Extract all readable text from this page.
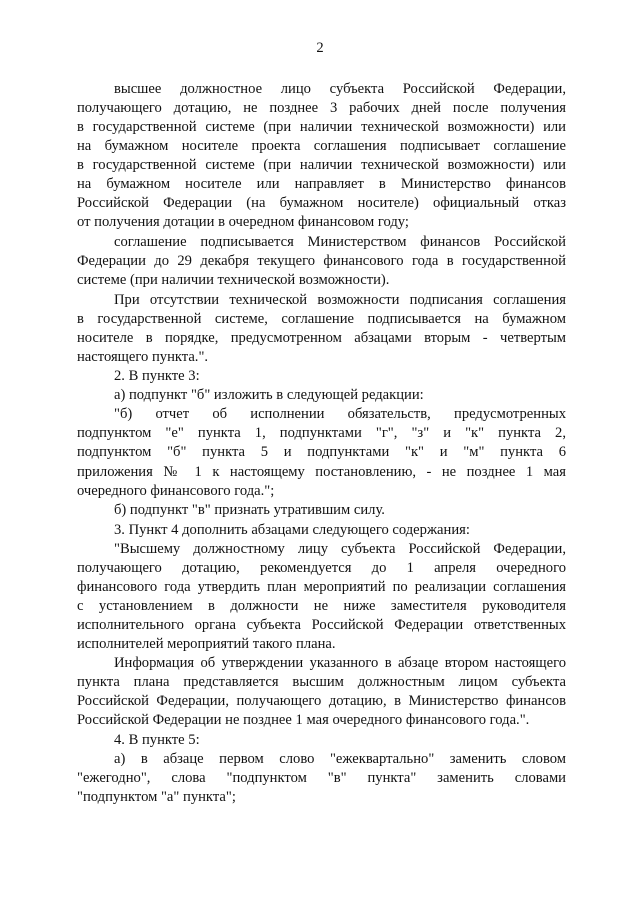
2
высшее должностное лицо субъекта Российской Федерации,
получающего дотацию, не позднее 3 рабочих дней после получения
в государственной системе (при наличии технической возможности) или
на бумажном носителе проекта соглашения подписывает соглашение
в государственной системе (при наличии технической возможности) или
на бумажном носителе или направляет в Министерство финансов
Российской Федерации (на бумажном носителе) официальный отказ
от получения дотации в очередном финансовом году;
соглашение подписывается Министерством финансов Российской
Федерации до 29 декабря текущего финансового года в государственной
системе (при наличии технической возможности).
При отсутствии технической возможности подписания соглашения
в государственной системе, соглашение подписывается на бумажном
носителе в порядке, предусмотренном абзацами вторым - четвертым
настоящего пункта.".
2. В пункте 3:
а) подпункт "б" изложить в следующей редакции:
"б) отчет об исполнении обязательств, предусмотренных
подпунктом "е" пункта 1, подпунктами "г", "з" и "к" пункта 2,
подпунктом "б" пункта 5 и подпунктами "к" и "м" пункта 6
приложения № 1 к настоящему постановлению, - не позднее 1 мая
очередного финансового года.";
б) подпункт "в" признать утратившим силу.
3. Пункт 4 дополнить абзацами следующего содержания:
"Высшему должностному лицу субъекта Российской Федерации,
получающего дотацию, рекомендуется до 1 апреля очередного
финансового года утвердить план мероприятий по реализации соглашения
с установлением в должности не ниже заместителя руководителя
исполнительного органа субъекта Российской Федерации ответственных
исполнителей мероприятий такого плана.
Информация об утверждении указанного в абзаце втором настоящего
пункта плана представляется высшим должностным лицом субъекта
Российской Федерации, получающего дотацию, в Министерство финансов
Российской Федерации не позднее 1 мая очередного финансового года.".
4. В пункте 5:
а) в абзаце первом слово "ежеквартально" заменить словом
"ежегодно", слова "подпунктом "в" пункта" заменить словами
"подпунктом "а" пункта";
